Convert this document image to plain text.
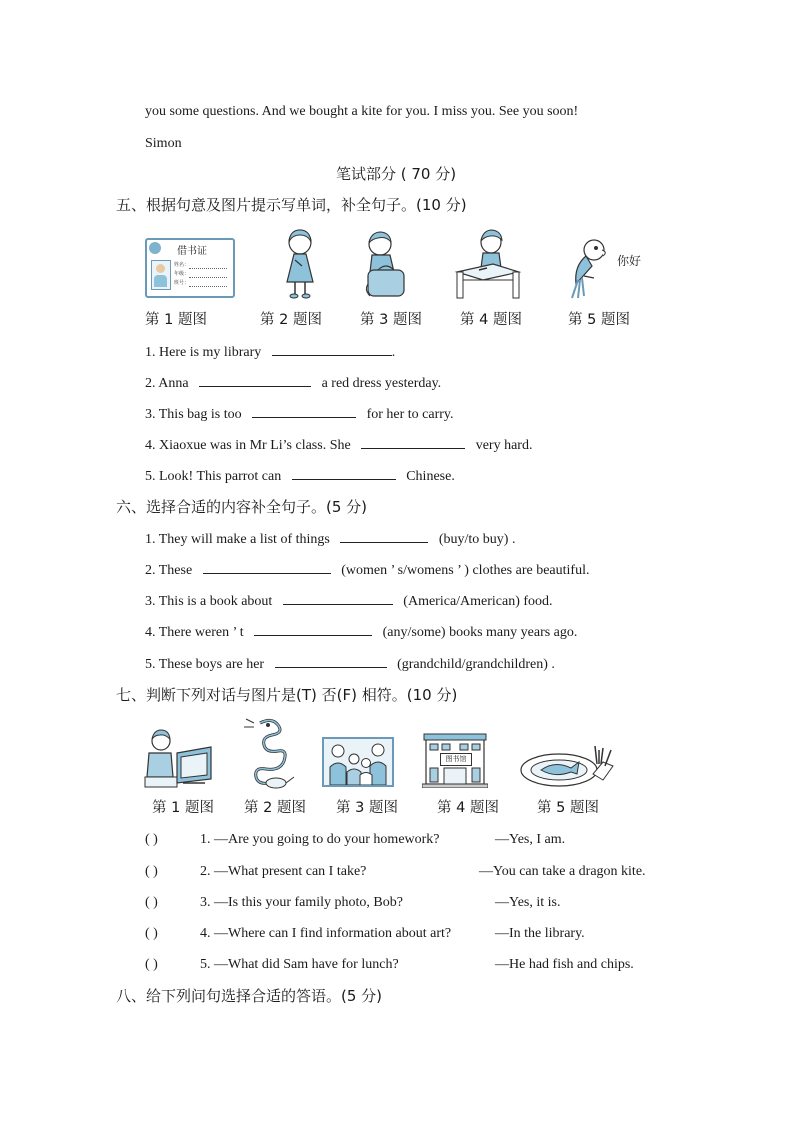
you some questions. And we bought a kite for you. I miss you. See you soon!
Simon
笔试部分 ( 70 分)
五、根据句意及图片提示写单词，补全句子。(10 分)
借书证
姓名：
年级：
班号：
你好
第 1 题图	第 2 题图	第 3 题图	第 4 题图	第 5 题图
1. Here is my library	.
2. Anna	a red dress yesterday.
3. This bag is too	for her to carry.
4. Xiaoxue was in Mr Li’s class. She	very hard.
5. Look! This parrot can	Chinese.
六、选择合适的内容补全句子。(5 分)
1. They will make a list of things	(buy/to buy) .
2. These	(women ’ s/womens ’ ) clothes are beautiful.
3. This is a book about	(America/American) food.
4. There weren ’ t	(any/some) books many years ago.
5. These boys are her	(grandchild/grandchildren) .
七、判断下列对话与图片是(T) 否(F) 相符。(10 分)
图书馆
第 1 题图 第 2 题图 第 3 题图	第 4 题图	第 5 题图
( )	1. —Are you going to do your homework?	—Yes, I am.
( )	2. —What present can I take?	—You can take a dragon kite.
( )	3. —Is this your family photo, Bob?	—Yes, it is.
( )	4. —Where can I find information about art?	—In the library.
( )	5. —What did Sam have for lunch?	—He had fish and chips.
八、给下列问句选择合适的答语。(5 分)
